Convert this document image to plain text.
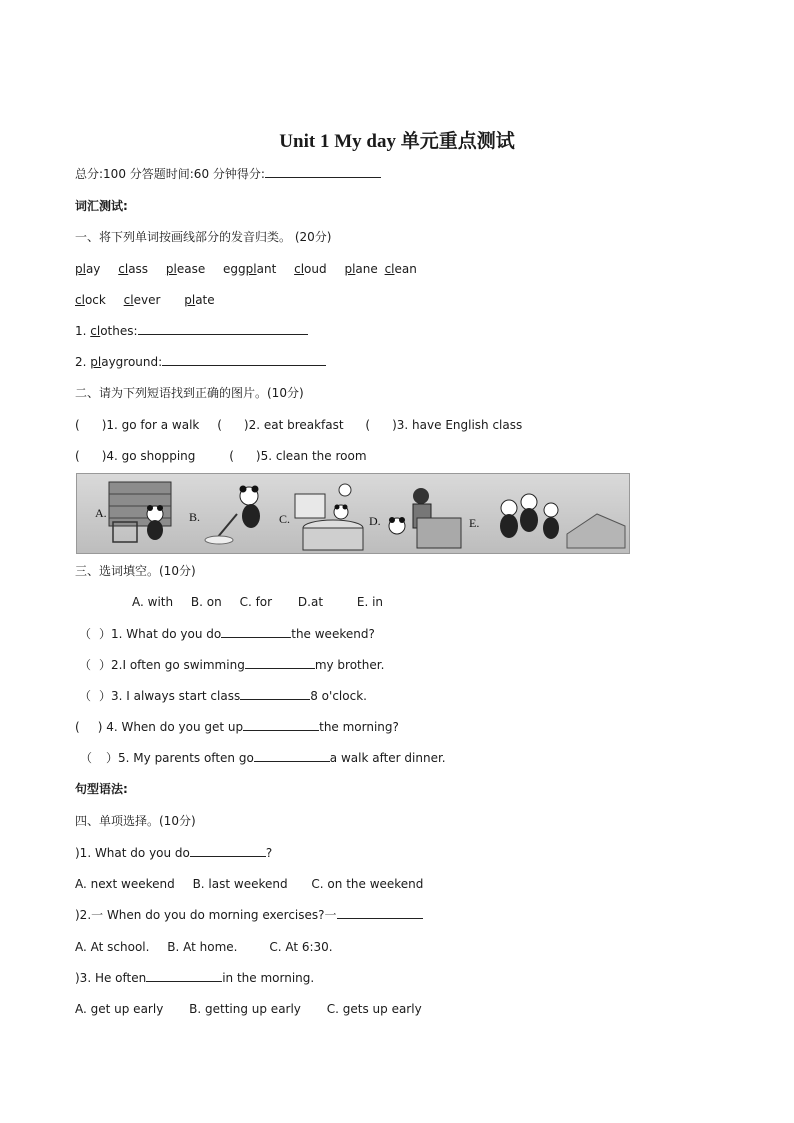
Unit 1 My day 单元重点测试
总分:100 分答题时间:60 分钟得分:
词汇测试:
一、将下列单词按画线部分的发音归类。 (20分)
play class please eggplant cloud plane clean
clock clever plate
1. clothes:
2. playground:
二、请为下列短语找到正确的图片。(10分)
( )1. go for a walk ( )2. eat breakfast ( )3. have English class
( )4. go shopping	( )5. clean the room
A.	B.	C.	D.	E.
三、选词填空。(10分)
A. with B. on C. for D.at	E. in
（ ）1. What do you do	the weekend?
（ ）2.I often go swimming	my brother.
（ ）3. I always start class	8 o'clock.
( ) 4. When do you get up	the morning?
（ ）5. My parents often go	a walk after dinner.
句型语法:
四、单项选择。(10分)
)1. What do you do	?
A. next weekend B. last weekend C. on the weekend
)2.一 When do you do morning exercises?一
A. At school. B. At home.	C. At 6:30.
)3. He often	in the morning.
A. get up early B. getting up early C. gets up early
